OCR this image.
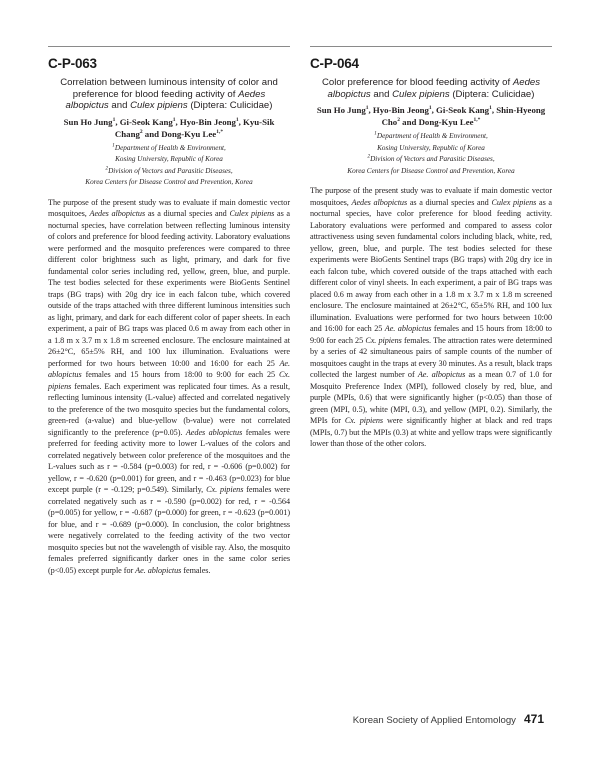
C-P-063
Correlation between luminous intensity of color and preference for blood feeding activity of Aedes albopictus and Culex pipiens (Diptera: Culicidae)
Sun Ho Jung$^1$, Gi-Seok Kang$^1$, Hyo-Bin Jeong$^1$, Kyu-Sik Chang$^2$ and Dong-Kyu Lee$^{1,*}$
$^1$Department of Health & Environment,
Kosing University, Republic of Korea
$^2$Division of Vectors and Parasitic Diseases,
Korea Centers for Disease Control and Prevention, Korea
The purpose of the present study was to evaluate if main domestic vector mosquitoes, Aedes albopictus as a diurnal species and Culex pipiens as a nocturnal species, have correlation between reflecting luminous intensity of colors and preference for blood feeding activity. Laboratory evaluations were performed and the mosquito preferences were compared to three different color brightness such as light, primary, and dark for five fundamental color series including red, yellow, green, blue, and purple. The test bodies selected for these experiments were BioGents Sentinel traps (BG traps) with 20g dry ice in each falcon tube, which covered outside of the traps attached with three different luminous intensities such as light, primary, and dark for each different color of paper sheets. In each experiment, a pair of BG traps was placed 0.6 m away from each other in a 1.8 m x 3.7 m x 1.8 m screened enclosure. The enclosure maintained at 26±2°C, 65±5% RH, and 100 lux illumination. Evaluations were performed for two hours between 10:00 and 16:00 for each 25 Ae. ablopictus females and 15 hours from 18:00 to 9:00 for each 25 Cx. pipiens females. Each experiment was replicated four times. As a result, reflecting luminous intensity (L-value) affected and correlated negatively to the preference of the two mosquito species but the fundamental colors, green-red (a-value) and blue-yellow (b-value) were not correlated significantly to the preference (p=0.05). Aedes ablopictus females were preferred for feeding activity more to lower L-values of the colors and correlated negatively between color preference of the mosquitoes and the L-values such as r = -0.584 (p=0.003) for red, r = -0.606 (p=0.002) for yellow, r = -0.620 (p=0.001) for green, and r = -0.463 (p=0.023) for blue except purple (r = -0.129; p=0.549). Similarly, Cx. pipiens females were correlated negatively such as r = -0.590 (p=0.002) for red, r = -0.564 (p=0.005) for yellow, r = -0.687 (p=0.000) for green, r = -0.623 (p=0.001) for blue, and r = -0.689 (p=0.000). In conclusion, the color brightness were negatively correlated to the feeding activity of the two vector mosquito species but not the wavelength of visible ray. Also, the mosquito females preferred significantly darker ones in the same color series (p<0.05) except purple for Ae. ablopictus females.
C-P-064
Color preference for blood feeding activity of Aedes albopictus and Culex pipiens (Diptera: Culicidae)
Sun Ho Jung$^1$, Hyo-Bin Jeong$^1$, Gi-Seok Kang$^1$, Shin-Hyeong Cho$^2$ and Dong-Kyu Lee$^{1,*}$
$^1$Department of Health & Environment,
Kosing University, Republic of Korea
$^2$Division of Vectors and Parasitic Diseases,
Korea Centers for Disease Control and Prevention, Korea
The purpose of the present study was to evaluate if main domestic vector mosquitoes, Aedes albopictus as a diurnal species and Culex pipiens as a nocturnal species, have color preference for blood feeding activity. Laboratory evaluations were performed and compared to assess color attractiveness using seven fundamental colors including black, white, red, yellow, green, blue, and purple. The test bodies selected for these experiments were BioGents Sentinel traps (BG traps) with 20g dry ice in each falcon tube, which covered outside of the traps attached with each different color of vinyl sheets. In each experiment, a pair of BG traps was placed 0.6 m away from each other in a 1.8 m x 3.7 m x 1.8 m screened enclosure. The enclosure maintained at 26±2°C, 65±5% RH, and 100 lux illumination. Evaluations were performed for two hours between 10:00 and 16:00 for each 25 Ae. ablopictus females and 15 hours from 18:00 to 9:00 for each 25 Cx. pipiens females. The attraction rates were determined by a series of 42 simultaneous pairs of sample counts of the number of mosquitoes caught in the traps at every 30 minutes. As a result, black traps collected the largest number of Ae. albopictus as a mean 0.7 of 1.0 for Mosquito Preference Index (MPI), followed closely by red, blue, and purple (MPIs, 0.6) that were significantly higher (p<0.05) than those of green (MPI, 0.5), white (MPI, 0.3), and yellow (MPI, 0.2). Similarly, the MPIs for Cx. pipiens were significantly higher at black and red traps (MPIs, 0.7) but the MPIs (0.3) at white and yellow traps were significantly lower than those of the other colors.
Korean Society of Applied Entomology 471
